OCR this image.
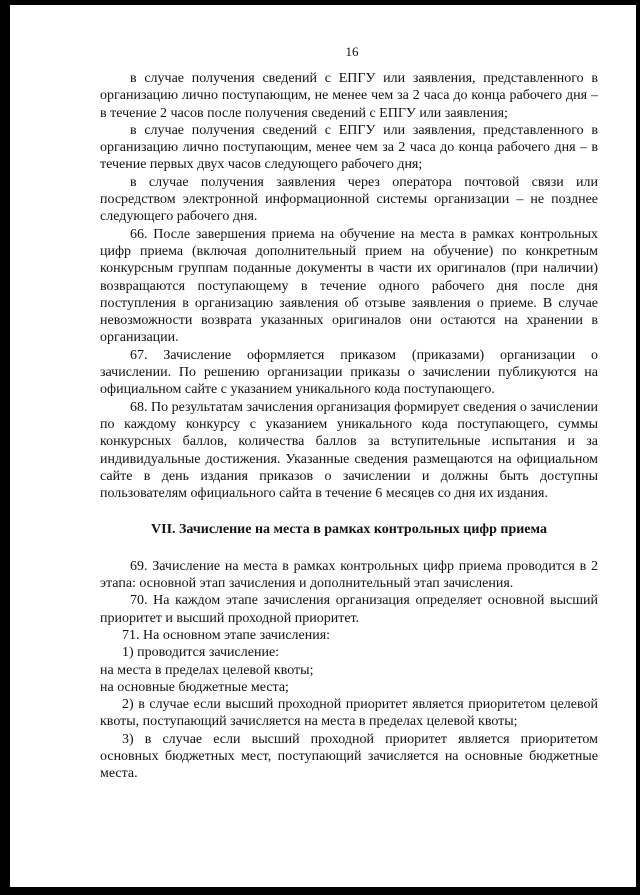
16

в случае получения сведений с ЕПГУ или заявления, представленного в организацию лично поступающим, не менее чем за 2 часа до конца рабочего дня – в течение 2 часов после получения сведений с ЕПГУ или заявления;

в случае получения сведений с ЕПГУ или заявления, представленного в организацию лично поступающим, менее чем за 2 часа до конца рабочего дня – в течение первых двух часов следующего рабочего дня;

в случае получения заявления через оператора почтовой связи или посредством электронной информационной системы организации – не позднее следующего рабочего дня.

66. После завершения приема на обучение на места в рамках контрольных цифр приема (включая дополнительный прием на обучение) по конкретным конкурсным группам поданные документы в части их оригиналов (при наличии) возвращаются поступающему в течение одного рабочего дня после дня поступления в организацию заявления об отзыве заявления о приеме. В случае невозможности возврата указанных оригиналов они остаются на хранении в организации.

67. Зачисление оформляется приказом (приказами) организации о зачислении. По решению организации приказы о зачислении публикуются на официальном сайте с указанием уникального кода поступающего.

68. По результатам зачисления организация формирует сведения о зачислении по каждому конкурсу с указанием уникального кода поступающего, суммы конкурсных баллов, количества баллов за вступительные испытания и за индивидуальные достижения. Указанные сведения размещаются на официальном сайте в день издания приказов о зачислении и должны быть доступны пользователям официального сайта в течение 6 месяцев со дня их издания.

VII. Зачисление на места в рамках контрольных цифр приема

69. Зачисление на места в рамках контрольных цифр приема проводится в 2 этапа: основной этап зачисления и дополнительный этап зачисления.

70. На каждом этапе зачисления организация определяет основной высший приоритет и высший проходной приоритет.

71. На основном этапе зачисления:

1) проводится зачисление:

на места в пределах целевой квоты;

на основные бюджетные места;

2) в случае если высший проходной приоритет является приоритетом целевой квоты, поступающий зачисляется на места в пределах целевой квоты;

3) в случае если высший проходной приоритет является приоритетом основных бюджетных мест, поступающий зачисляется на основные бюджетные места.
